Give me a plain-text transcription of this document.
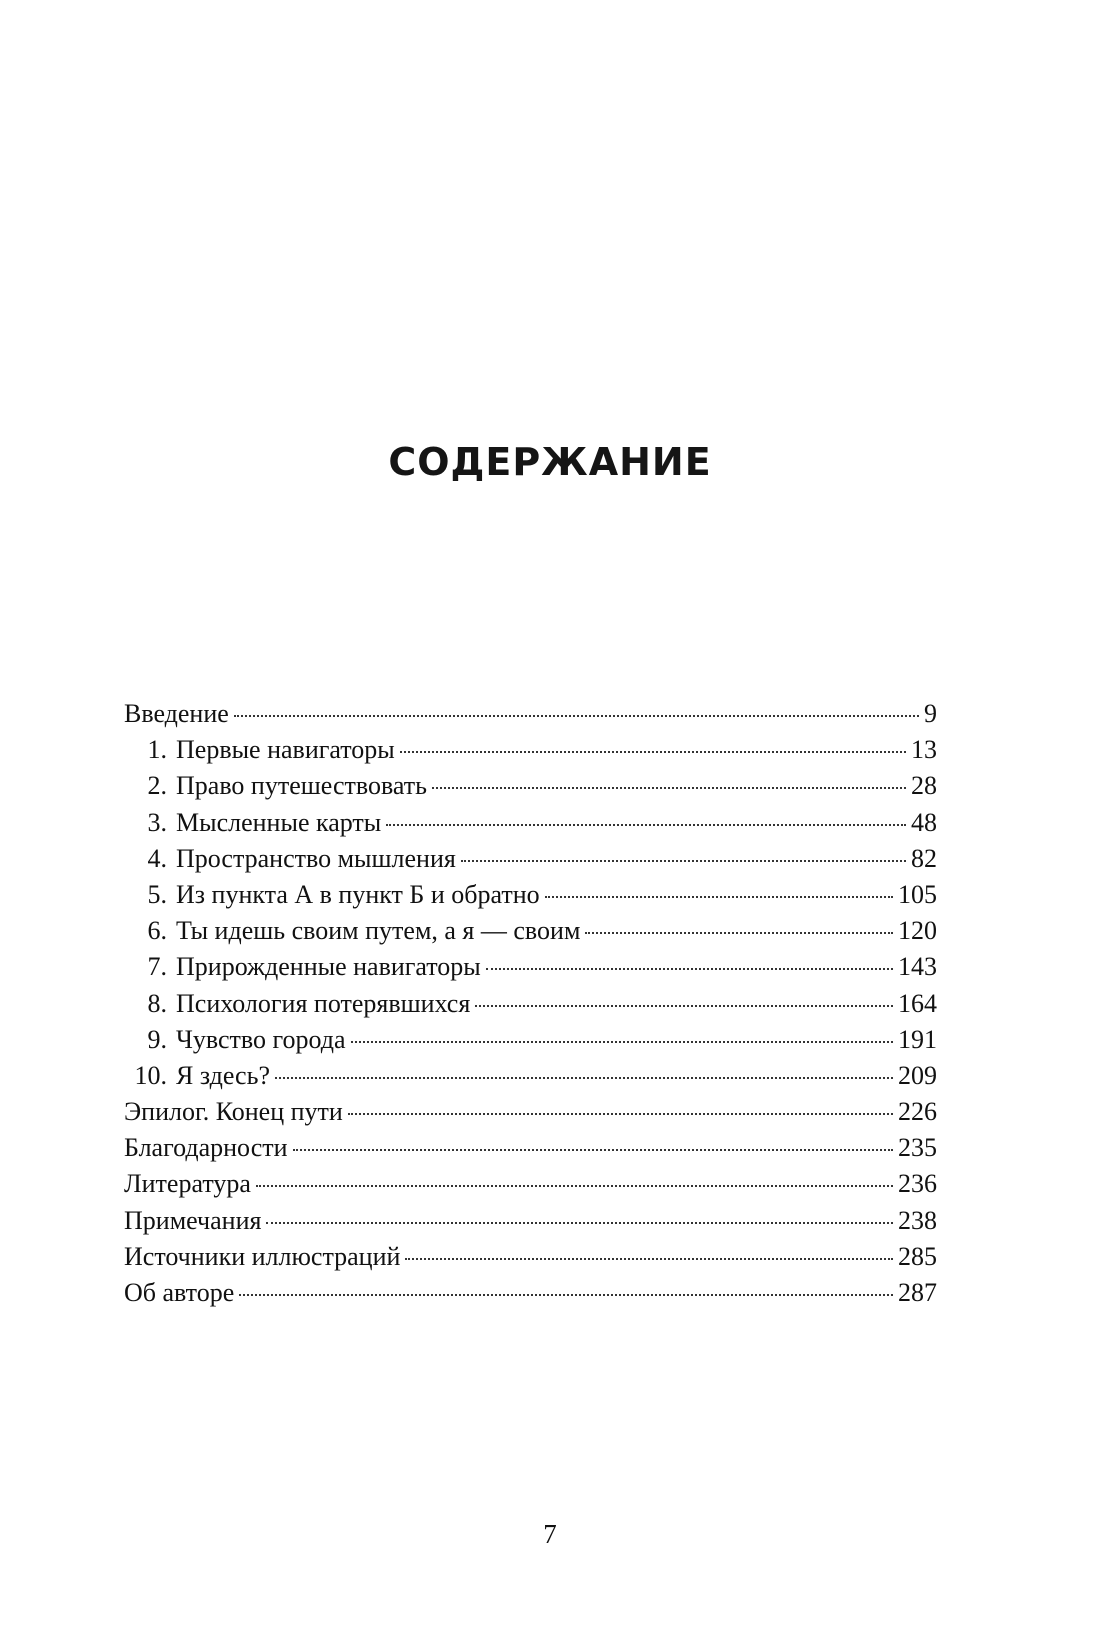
СОДЕРЖАНИЕ
Введение	9
1. Первые навигаторы	13
2. Право путешествовать	28
3. Мысленные карты	48
4. Пространство мышления	82
5. Из пункта А в пункт Б и обратно	105
6. Ты идешь своим путем, а я — своим	120
7. Прирожденные навигаторы	143
8. Психология потерявшихся	164
9. Чувство города	191
10. Я здесь?	209
Эпилог. Конец пути	226
Благодарности	235
Литература	236
Примечания	238
Источники иллюстраций	285
Об авторе	287
7
